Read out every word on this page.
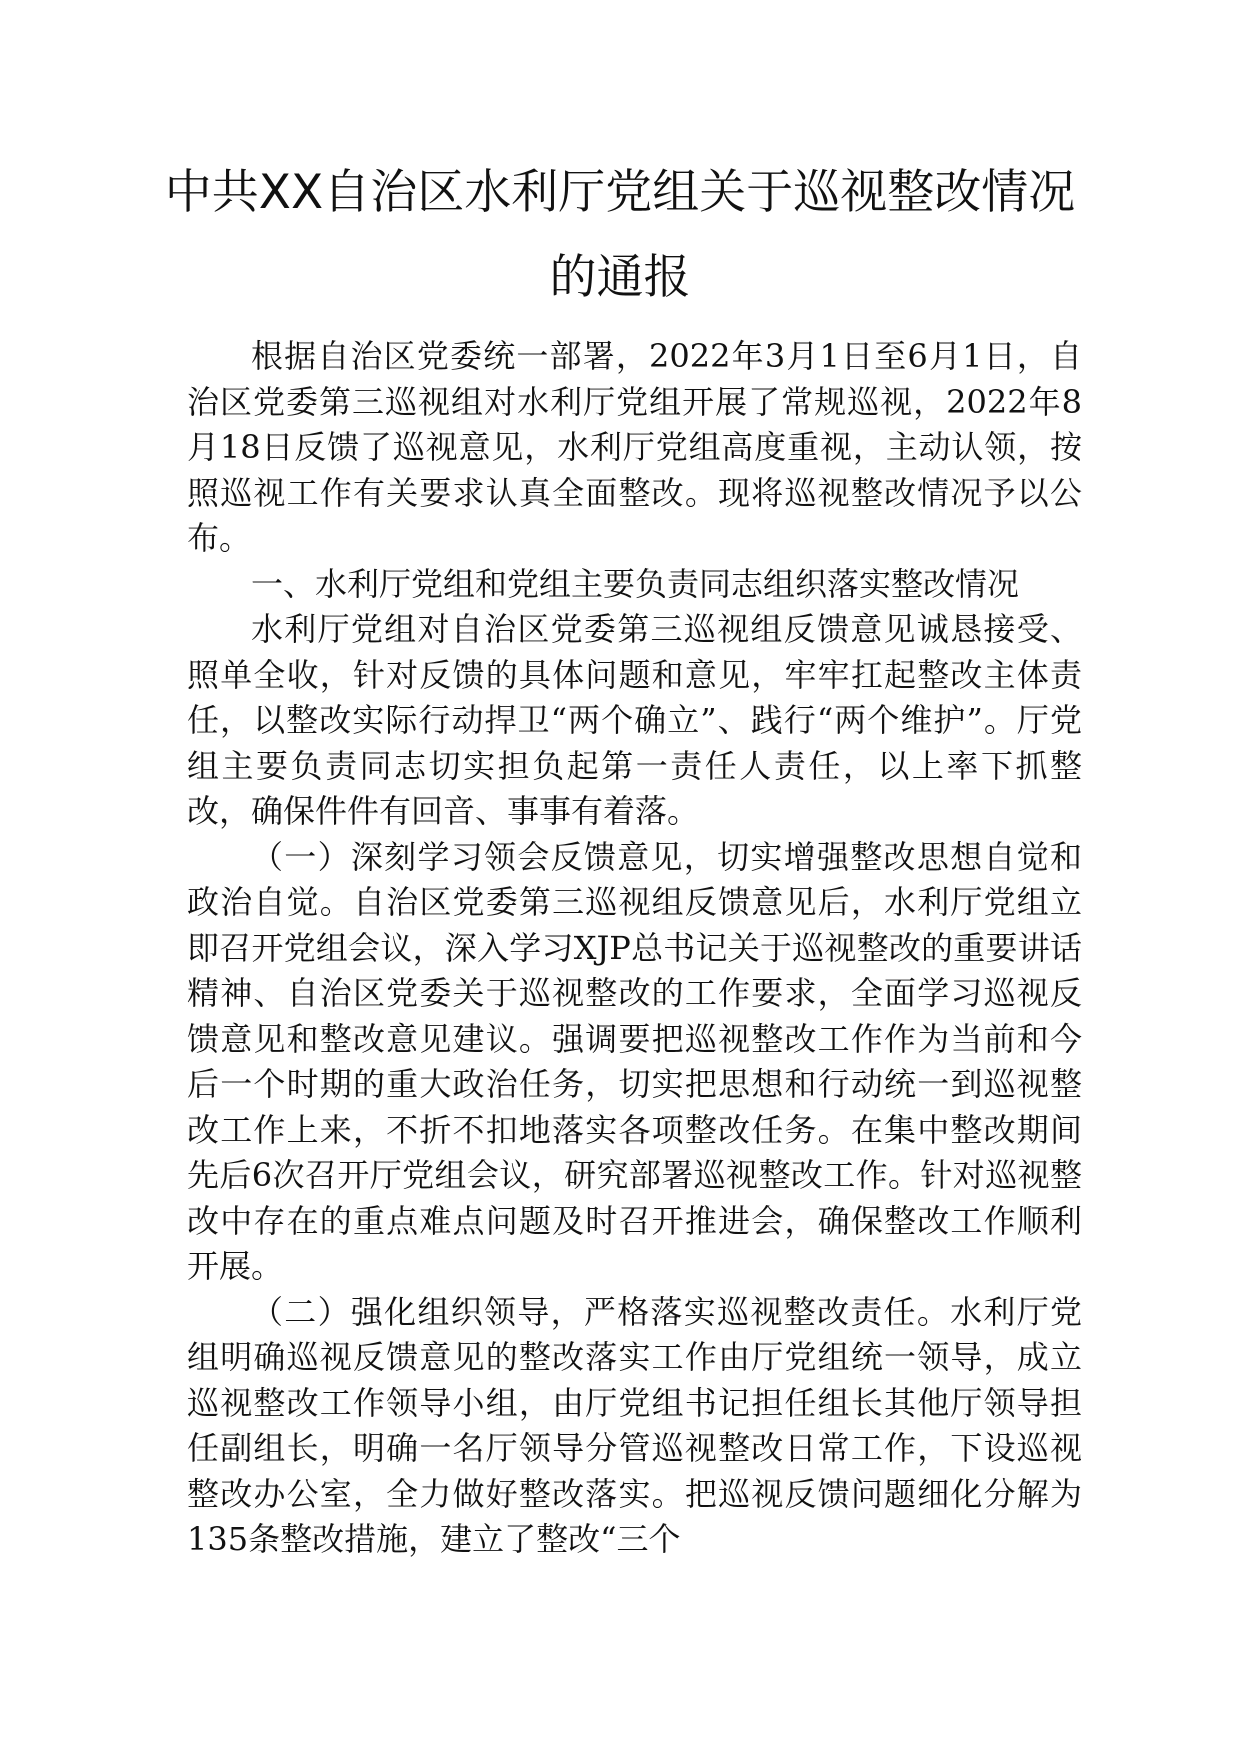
中共XX自治区水利厅党组关于巡视整改情况的通报

根据自治区党委统一部署，2022年3月1日至6月1日，自治区党委第三巡视组对水利厅党组开展了常规巡视，2022年8月18日反馈了巡视意见，水利厅党组高度重视，主动认领，按照巡视工作有关要求认真全面整改。现将巡视整改情况予以公布。

一、水利厅党组和党组主要负责同志组织落实整改情况

水利厅党组对自治区党委第三巡视组反馈意见诚恳接受、照单全收，针对反馈的具体问题和意见，牢牢扛起整改主体责任，以整改实际行动捍卫“两个确立”、践行“两个维护”。厅党组主要负责同志切实担负起第一责任人责任，以上率下抓整改，确保件件有回音、事事有着落。

（一）深刻学习领会反馈意见，切实增强整改思想自觉和政治自觉。自治区党委第三巡视组反馈意见后，水利厅党组立即召开党组会议，深入学习XJP总书记关于巡视整改的重要讲话精神、自治区党委关于巡视整改的工作要求，全面学习巡视反馈意见和整改意见建议。强调要把巡视整改工作作为当前和今后一个时期的重大政治任务，切实把思想和行动统一到巡视整改工作上来，不折不扣地落实各项整改任务。在集中整改期间先后6次召开厅党组会议，研究部署巡视整改工作。针对巡视整改中存在的重点难点问题及时召开推进会，确保整改工作顺利开展。

（二）强化组织领导，严格落实巡视整改责任。水利厅党组明确巡视反馈意见的整改落实工作由厅党组统一领导，成立巡视整改工作领导小组，由厅党组书记担任组长其他厅领导担任副组长，明确一名厅领导分管巡视整改日常工作，下设巡视整改办公室，全力做好整改落实。把巡视反馈问题细化分解为135条整改措施，建立了整改“三个
